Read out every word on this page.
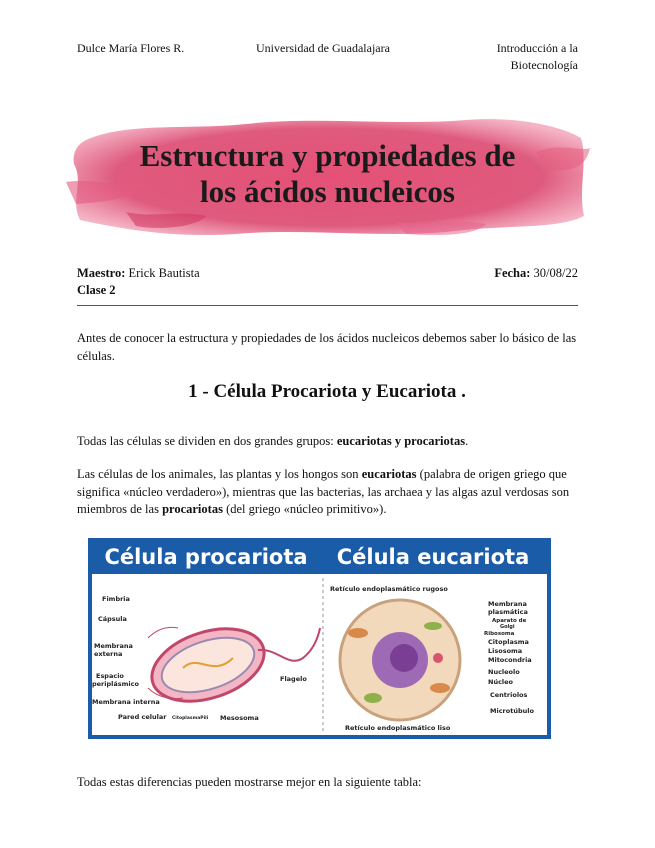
Dulce María Flores R.	Universidad de Guadalajara	Introducción a la
Biotecnología
Estructura y propiedades de
los ácidos nucleicos
Maestro: Erick Bautista
Clase 2
Fecha: 30/08/22
Antes de conocer la estructura y propiedades de los ácidos nucleicos debemos saber lo básico de las células.
1 - Célula Procariota y Eucariota .
Todas las células se dividen en dos grandes grupos: eucariotas y procariotas.
Las células de los animales, las plantas y los hongos son eucariotas (palabra de origen griego que significa «núcleo verdadero»), mientras que las bacterias, las archaea y las algas azul verdosas son miembros de las procariotas (del griego «núcleo primitivo»).
Célula procariota Célula eucariota
Fimbria
Cápsula
Membrana
externa
Espacio
periplásmico
Membrana interna
Pared celular CitoplasmaPili Mesosoma
Flagelo
Retículo endoplasmático rugoso
Retículo endoplasmático liso
Membrana
plasmática
Aparato de
Golgi
Ribosoma
Citoplasma
Lisosoma
Mitocondria
Nucleolo
Núcleo
Centriolos
Microtúbulo
Todas estas diferencias pueden mostrarse mejor en la siguiente tabla:
